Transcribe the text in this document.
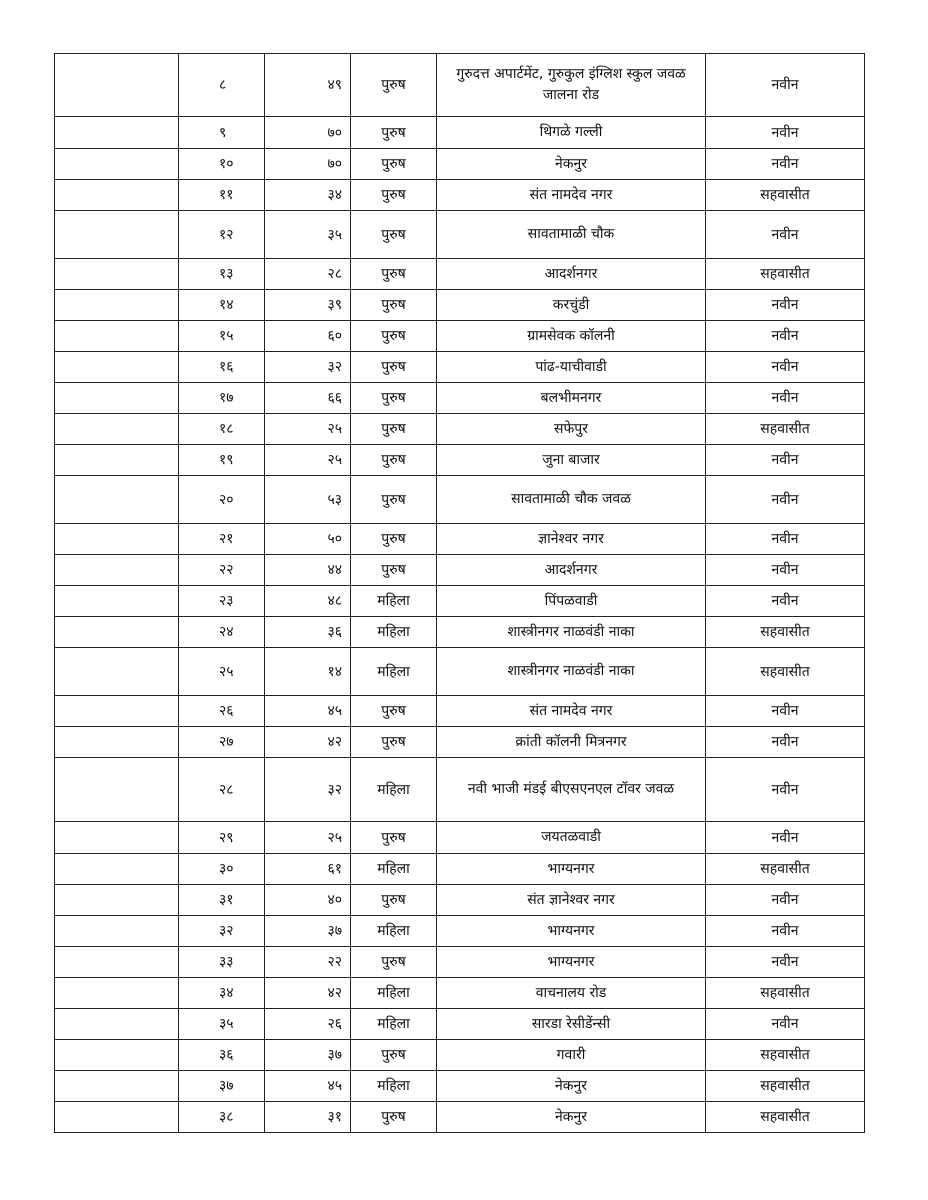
	८	४९	पुरुष	गुरुदत्त अपार्टमेंट, गुरुकुल इंग्लिश स्कुल जवळ जालना रोड	नवीन
	९	७०	पुरुष	थिगळे गल्ली	नवीन
	१०	७०	पुरुष	नेकनुर	नवीन
	११	३४	पुरुष	संत नामदेव नगर	सहवासीत
	१२	३५	पुरुष	सावतामाळी चौक	नवीन
	१३	२८	पुरुष	आदर्शनगर	सहवासीत
	१४	३९	पुरुष	करचुंडी	नवीन
	१५	६०	पुरुष	ग्रामसेवक कॉलनी	नवीन
	१६	३२	पुरुष	पांढ-याचीवाडी	नवीन
	१७	६६	पुरुष	बलभीमनगर	नवीन
	१८	२५	पुरुष	सफेपुर	सहवासीत
	१९	२५	पुरुष	जुना बाजार	नवीन
	२०	५३	पुरुष	सावतामाळी चौक जवळ	नवीन
	२१	५०	पुरुष	ज्ञानेश्वर नगर	नवीन
	२२	४४	पुरुष	आदर्शनगर	नवीन
	२३	४८	महिला	पिंपळवाडी	नवीन
	२४	३६	महिला	शास्त्रीनगर नाळवंडी नाका	सहवासीत
	२५	१४	महिला	शास्त्रीनगर नाळवंडी नाका	सहवासीत
	२६	४५	पुरुष	संत नामदेव नगर	नवीन
	२७	४२	पुरुष	क्रांती कॉलनी मित्रनगर	नवीन
	२८	३२	महिला	नवी भाजी मंडई बीएसएनएल टॉवर जवळ	नवीन
	२९	२५	पुरुष	जयतळवाडी	नवीन
	३०	६१	महिला	भाग्यनगर	सहवासीत
	३१	४०	पुरुष	संत ज्ञानेश्वर नगर	नवीन
	३२	३७	महिला	भाग्यनगर	नवीन
	३३	२२	पुरुष	भाग्यनगर	नवीन
	३४	४२	महिला	वाचनालय रोड	सहवासीत
	३५	२६	महिला	सारडा रेसीडेंन्सी	नवीन
	३६	३७	पुरुष	गवारी	सहवासीत
	३७	४५	महिला	नेकनुर	सहवासीत
	३८	३१	पुरुष	नेकनुर	सहवासीत
